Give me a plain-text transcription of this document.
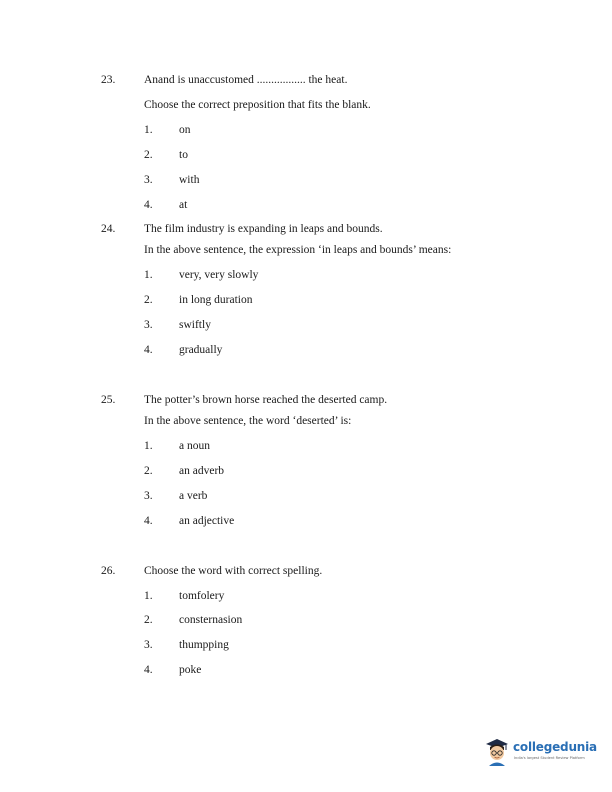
23. Anand is unaccustomed ................. the heat.
Choose the correct preposition that fits the blank.
1. on
2. to
3. with
4. at
24. The film industry is expanding in leaps and bounds.
In the above sentence, the expression ‘in leaps and bounds’ means:
1. very, very slowly
2. in long duration
3. swiftly
4. gradually
25. The potter’s brown horse reached the deserted camp.
In the above sentence, the word ‘deserted’ is:
1. a noun
2. an adverb
3. a verb
4. an adjective
26. Choose the word with correct spelling.
1. tomfolery
2. consternasion
3. thumpping
4. poke
collegedunia
India's largest Student Review Platform
